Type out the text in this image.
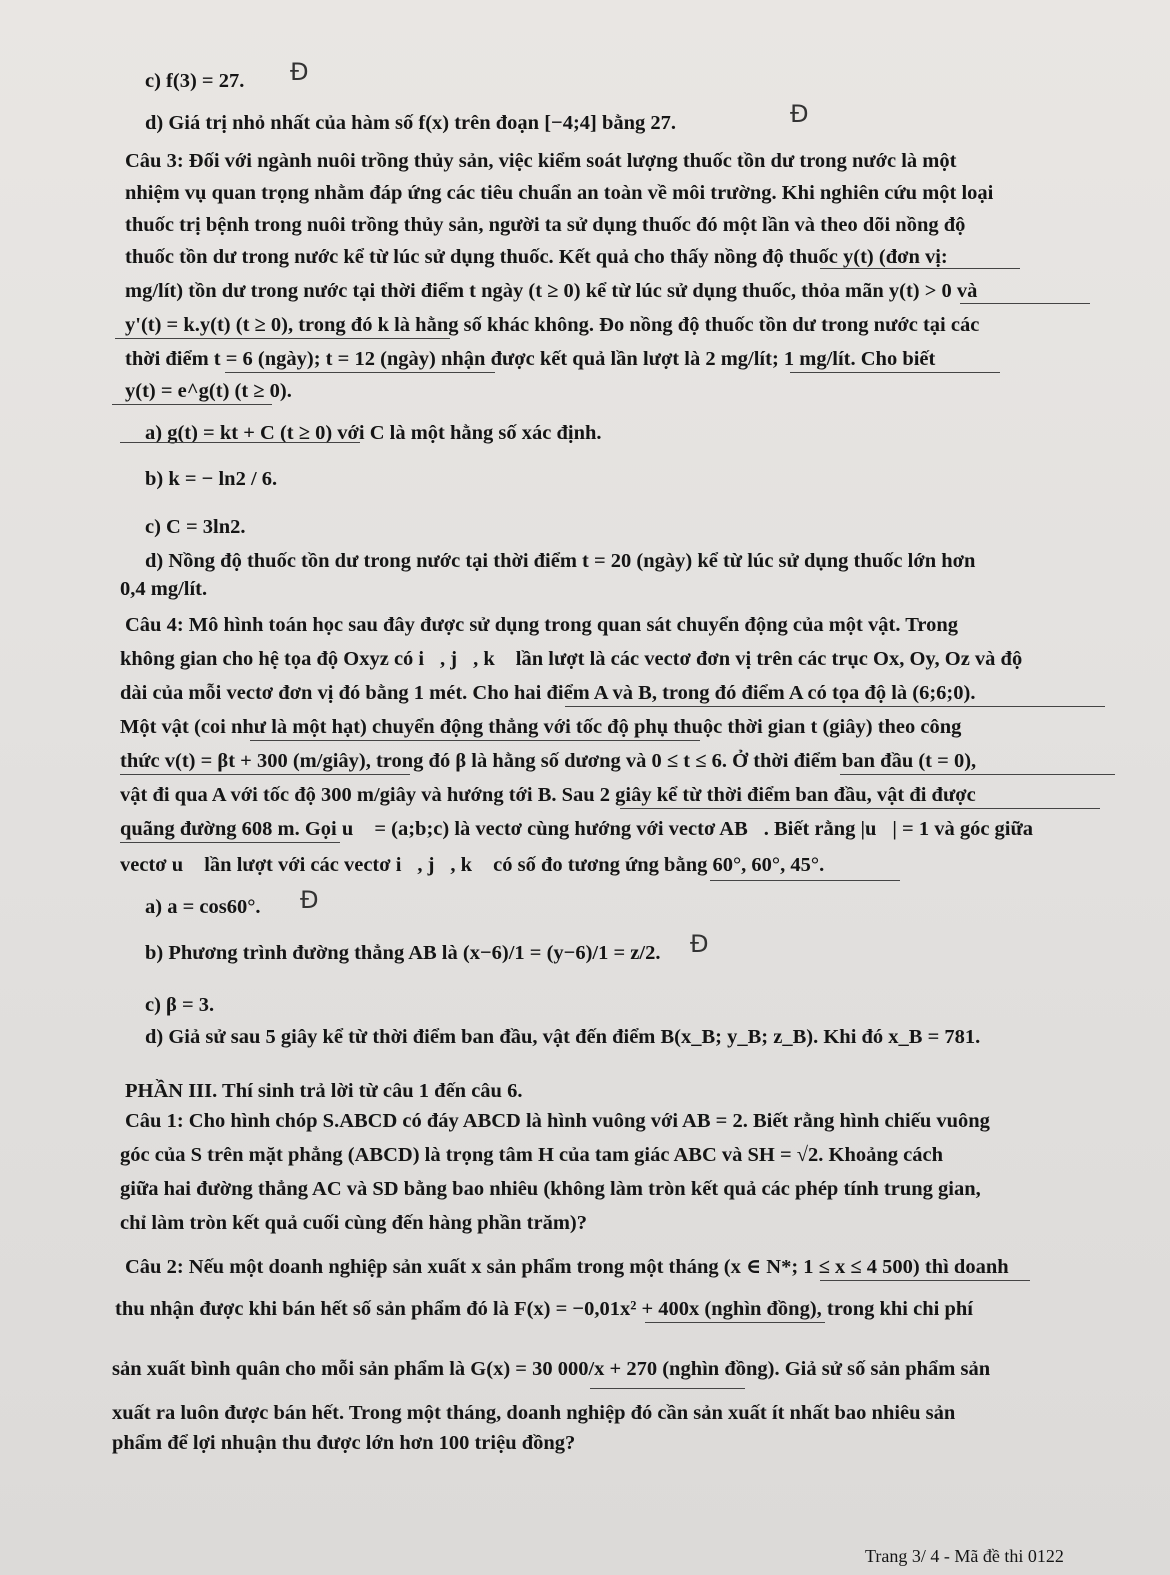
c) f(3) = 27.
d) Giá trị nhỏ nhất của hàm số f(x) trên đoạn [−4;4] bằng 27.
Câu 3: Đối với ngành nuôi trồng thủy sản, việc kiểm soát lượng thuốc tồn dư trong nước là một
nhiệm vụ quan trọng nhằm đáp ứng các tiêu chuẩn an toàn về môi trường. Khi nghiên cứu một loại
thuốc trị bệnh trong nuôi trồng thủy sản, người ta sử dụng thuốc đó một lần và theo dõi nồng độ
thuốc tồn dư trong nước kể từ lúc sử dụng thuốc. Kết quả cho thấy nồng độ thuốc y(t) (đơn vị:
mg/lít) tồn dư trong nước tại thời điểm t ngày (t ≥ 0) kể từ lúc sử dụng thuốc, thỏa mãn y(t) > 0 và
y'(t) = k.y(t) (t ≥ 0), trong đó k là hằng số khác không. Đo nồng độ thuốc tồn dư trong nước tại các
thời điểm t = 6 (ngày); t = 12 (ngày) nhận được kết quả lần lượt là 2 mg/lít; 1 mg/lít. Cho biết
y(t) = e^g(t) (t ≥ 0).
a) g(t) = kt + C (t ≥ 0) với C là một hằng số xác định.
b) k = − ln2 / 6.
c) C = 3ln2.
d) Nồng độ thuốc tồn dư trong nước tại thời điểm t = 20 (ngày) kể từ lúc sử dụng thuốc lớn hơn
0,4 mg/lít.
Câu 4: Mô hình toán học sau đây được sử dụng trong quan sát chuyển động của một vật. Trong
không gian cho hệ tọa độ Oxyz có i⃗, j⃗, k⃗ lần lượt là các vectơ đơn vị trên các trục Ox, Oy, Oz và độ
dài của mỗi vectơ đơn vị đó bằng 1 mét. Cho hai điểm A và B, trong đó điểm A có tọa độ là (6;6;0).
Một vật (coi như là một hạt) chuyển động thẳng với tốc độ phụ thuộc thời gian t (giây) theo công
thức v(t) = βt + 300 (m/giây), trong đó β là hằng số dương và 0 ≤ t ≤ 6. Ở thời điểm ban đầu (t = 0),
vật đi qua A với tốc độ 300 m/giây và hướng tới B. Sau 2 giây kể từ thời điểm ban đầu, vật đi được
quãng đường 608 m. Gọi u⃗ = (a;b;c) là vectơ cùng hướng với vectơ AB⃗. Biết rằng |u⃗| = 1 và góc giữa
vectơ u⃗ lần lượt với các vectơ i⃗, j⃗, k⃗ có số đo tương ứng bằng 60°, 60°, 45°.
a) a = cos60°.
b) Phương trình đường thẳng AB là (x−6)/1 = (y−6)/1 = z/2.
c) β = 3.
d) Giả sử sau 5 giây kể từ thời điểm ban đầu, vật đến điểm B(x_B; y_B; z_B). Khi đó x_B = 781.
PHẦN III. Thí sinh trả lời từ câu 1 đến câu 6.
Câu 1: Cho hình chóp S.ABCD có đáy ABCD là hình vuông với AB = 2. Biết rằng hình chiếu vuông
góc của S trên mặt phẳng (ABCD) là trọng tâm H của tam giác ABC và SH = √2. Khoảng cách
giữa hai đường thẳng AC và SD bằng bao nhiêu (không làm tròn kết quả các phép tính trung gian,
chỉ làm tròn kết quả cuối cùng đến hàng phần trăm)?
Câu 2: Nếu một doanh nghiệp sản xuất x sản phẩm trong một tháng (x ∈ N*; 1 ≤ x ≤ 4 500) thì doanh
thu nhận được khi bán hết số sản phẩm đó là F(x) = −0,01x² + 400x (nghìn đồng), trong khi chi phí
sản xuất bình quân cho mỗi sản phẩm là G(x) = 30 000/x + 270 (nghìn đồng). Giả sử số sản phẩm sản
xuất ra luôn được bán hết. Trong một tháng, doanh nghiệp đó cần sản xuất ít nhất bao nhiêu sản
phẩm để lợi nhuận thu được lớn hơn 100 triệu đồng?
Đ
Đ
Đ
Đ
Trang 3/ 4 - Mã đề thi 0122
